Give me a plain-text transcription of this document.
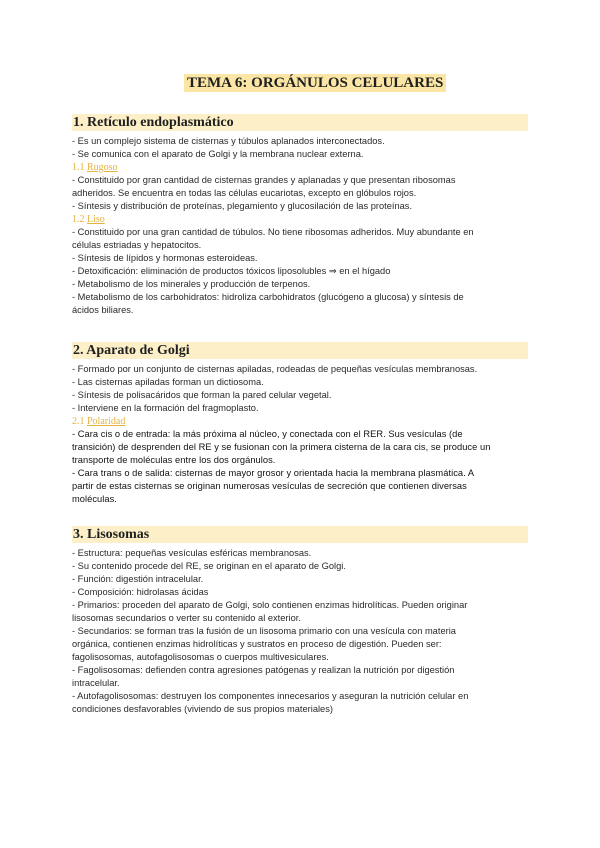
TEMA 6: ORGÁNULOS CELULARES
1. Retículo endoplasmático
- Es un complejo sistema de cisternas y túbulos aplanados interconectados.
- Se comunica con el aparato de Golgi y la membrana nuclear externa.
1.1 Rugoso
- Constituido por gran cantidad de cisternas grandes y aplanadas y que presentan ribosomas
adheridos. Se encuentra en todas las células eucariotas, excepto en glóbulos rojos.
- Síntesis y distribución de proteínas, plegamiento y glucosilación de las proteínas.
1.2 Liso
- Constituido por una gran cantidad de túbulos. No tiene ribosomas adheridos. Muy abundante en
células estriadas y hepatocitos.
- Síntesis de lípidos y hormonas esteroideas.
- Detoxificación: eliminación de productos tóxicos liposolubles ⇒ en el hígado
- Metabolismo de los minerales y producción de terpenos.
- Metabolismo de los carbohidratos: hidroliza carbohidratos (glucógeno a glucosa) y síntesis de
ácidos biliares.
2. Aparato de Golgi
- Formado por un conjunto de cisternas apiladas, rodeadas de pequeñas vesículas membranosas.
- Las cisternas apiladas forman un dictiosoma.
- Síntesis de polisacáridos que forman la pared celular vegetal.
- Interviene en la formación del fragmoplasto.
2.1 Polaridad
- Cara cis o de entrada: la más próxima al núcleo, y conectada con el RER. Sus vesículas (de
transición) de desprenden del RE y se fusionan con la primera cisterna de la cara cis, se produce un
transporte de moléculas entre los dos orgánulos.
- Cara trans o de salida: cisternas de mayor grosor y orientada hacia la membrana plasmática. A
partir de estas cisternas se originan numerosas vesículas de secreción que contienen diversas
moléculas.
3. Lisosomas
- Estructura: pequeñas vesículas esféricas membranosas.
- Su contenido procede del RE, se originan en el aparato de Golgi.
- Función: digestión intracelular.
- Composición: hidrolasas ácidas
- Primarios: proceden del aparato de Golgi, solo contienen enzimas hidrolíticas. Pueden originar
lisosomas secundarios o verter su contenido al exterior.
- Secundarios: se forman tras la fusión de un lisosoma primario con una vesícula con materia
orgánica, contienen enzimas hidrolíticas y sustratos en proceso de digestión. Pueden ser:
fagolisosomas, autofagolisosomas o cuerpos multivesiculares.
- Fagolisosomas: defienden contra agresiones patógenas y realizan la nutrición por digestión
intracelular.
- Autofagolisosomas: destruyen los componentes innecesarios y aseguran la nutrición celular en
condiciones desfavorables (viviendo de sus propios materiales)
